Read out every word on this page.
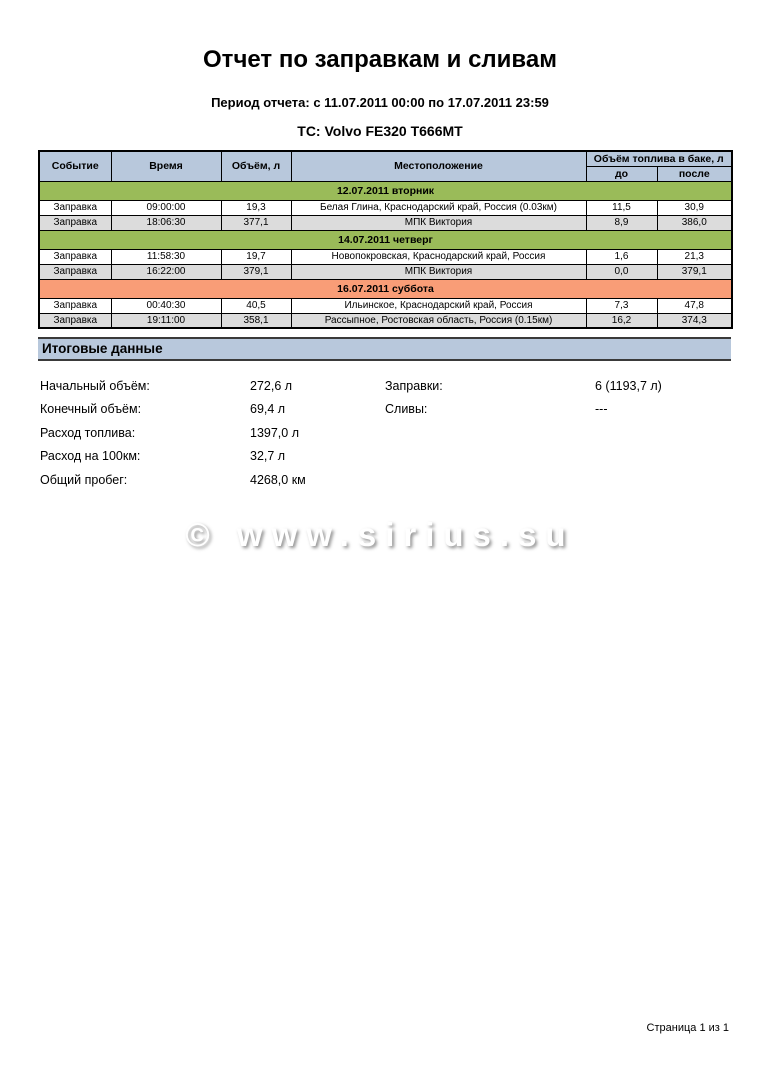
Отчет по заправкам и сливам
Период отчета: с 11.07.2011 00:00 по 17.07.2011 23:59
ТС: Volvo FE320 Т666МТ
Событие	Время	Объём, л	Местоположение	Объём топлива в баке, л	
				до	после
12.07.2011 вторник					
Заправка	09:00:00	19,3	Белая Глина, Краснодарский край, Россия (0.03км)	11,5	30,9
Заправка	18:06:30	377,1	МПК Виктория	8,9	386,0
14.07.2011 четверг					
Заправка	11:58:30	19,7	Новопокровская, Краснодарский край, Россия	1,6	21,3
Заправка	16:22:00	379,1	МПК Виктория	0,0	379,1
16.07.2011 суббота					
Заправка	00:40:30	40,5	Ильинское, Краснодарский край, Россия	7,3	47,8
Заправка	19:11:00	358,1	Рассыпное, Ростовская область, Россия (0.15км)	16,2	374,3
Итоговые данные
Начальный объём:	272,6 л	Заправки:	6 (1193,7 л)
Конечный объём:	69,4 л	Сливы:	---
Расход топлива:	1397,0 л
Расход на 100км:	32,7 л
Общий пробег:	4268,0 км
© www.sirius.su
Страница 1 из 1
